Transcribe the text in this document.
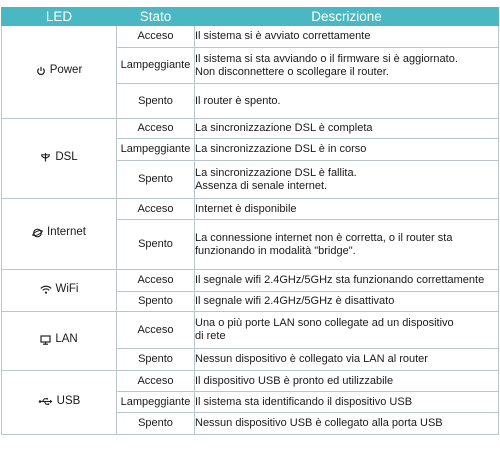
LED	Stato	Descrizione

Power	Acceso	Il sistema si è avviato correttamente

	Lampeggiante	Il sistema si sta avviando o il firmware si è aggiornato.
Non disconnettere o scollegare il router.

	Spento	Il router è spento.

DSL	Acceso	La sincronizzazione DSL è completa

	Lampeggiante	La sincronizzazione DSL è in corso

	Spento	La sincronizzazione DSL è fallita.
Assenza di senale internet.

Internet	Acceso	Internet è disponibile

	Spento	La connessione internet non è corretta, o il router sta
funzionando in modalità "bridge".

WiFi	Acceso	Il segnale wifi 2.4GHz/5GHz sta funzionando correttamente

	Spento	Il segnale wifi 2.4GHz/5GHz è disattivato

LAN	Acceso	Una o più porte LAN sono collegate ad un dispositivo
di rete

	Spento	Nessun dispositivo è collegato via LAN al router

USB	Acceso	Il dispositivo USB è pronto ed utilizzabile

	Lampeggiante	Il sistema sta identificando il dispositivo USB

	Spento	Nessun dispositivo USB è collegato alla porta USB
